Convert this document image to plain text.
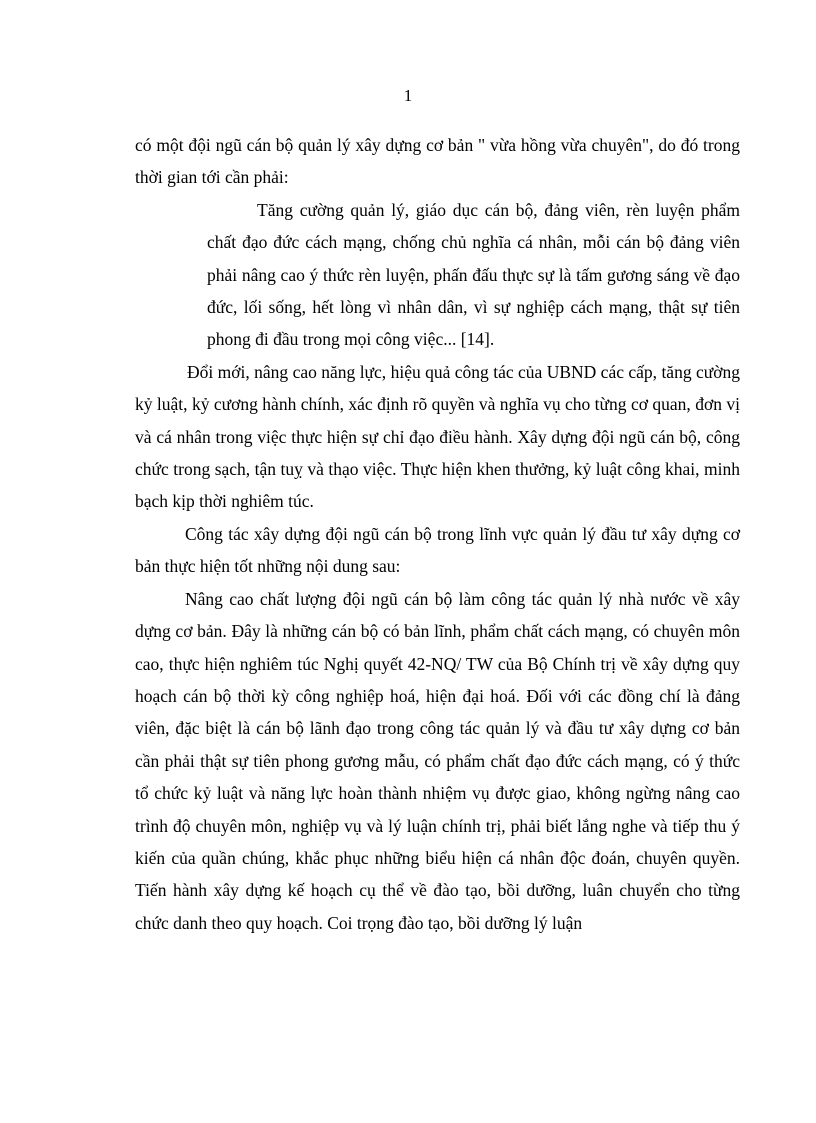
1

có một đội ngũ cán bộ quản lý xây dựng cơ bản " vừa hồng vừa chuyên", do đó trong thời gian tới cần phải:

Tăng cường quản lý, giáo dục cán bộ, đảng viên, rèn luyện phẩm chất đạo đức cách mạng, chống chủ nghĩa cá nhân, mỗi cán bộ đảng viên phải nâng cao ý thức rèn luyện, phấn đấu thực sự là tấm gương sáng về đạo đức, lối sống, hết lòng vì nhân dân, vì sự nghiệp cách mạng, thật sự tiên phong đi đầu trong mọi công việc... [14].

Đổi mới, nâng cao năng lực, hiệu quả công tác của UBND các cấp, tăng cường kỷ luật, kỷ cương hành chính, xác định rõ quyền và nghĩa vụ cho từng cơ quan, đơn vị và cá nhân trong việc thực hiện sự chỉ đạo điều hành. Xây dựng đội ngũ cán bộ, công chức trong sạch, tận tuỵ và thạo việc. Thực hiện khen thưởng, kỷ luật công khai, minh bạch kịp thời nghiêm túc.

Công tác xây dựng đội ngũ cán bộ trong lĩnh vực quản lý đầu tư xây dựng cơ bản thực hiện tốt những nội dung sau:

Nâng cao chất lượng đội ngũ cán bộ làm công tác quản lý nhà nước về xây dựng cơ bản. Đây là những cán bộ có bản lĩnh, phẩm chất cách mạng, có chuyên môn cao, thực hiện nghiêm túc Nghị quyết 42-NQ/ TW của Bộ Chính trị về xây dựng quy hoạch cán bộ thời kỳ công nghiệp hoá, hiện đại hoá. Đối với các đồng chí là đảng viên, đặc biệt là cán bộ lãnh đạo trong công tác quản lý và đầu tư xây dựng cơ bản cần phải thật sự tiên phong gương mẫu, có phẩm chất đạo đức cách mạng, có ý thức tổ chức kỷ luật và năng lực hoàn thành nhiệm vụ được giao, không ngừng nâng cao trình độ chuyên môn, nghiệp vụ và lý luận chính trị, phải biết lắng nghe và tiếp thu ý kiến của quần chúng, khắc phục những biểu hiện cá nhân độc đoán, chuyên quyền. Tiến hành xây dựng kế hoạch cụ thể về đào tạo, bồi dưỡng, luân chuyển cho từng chức danh theo quy hoạch. Coi trọng đào tạo, bồi dưỡng lý luận
